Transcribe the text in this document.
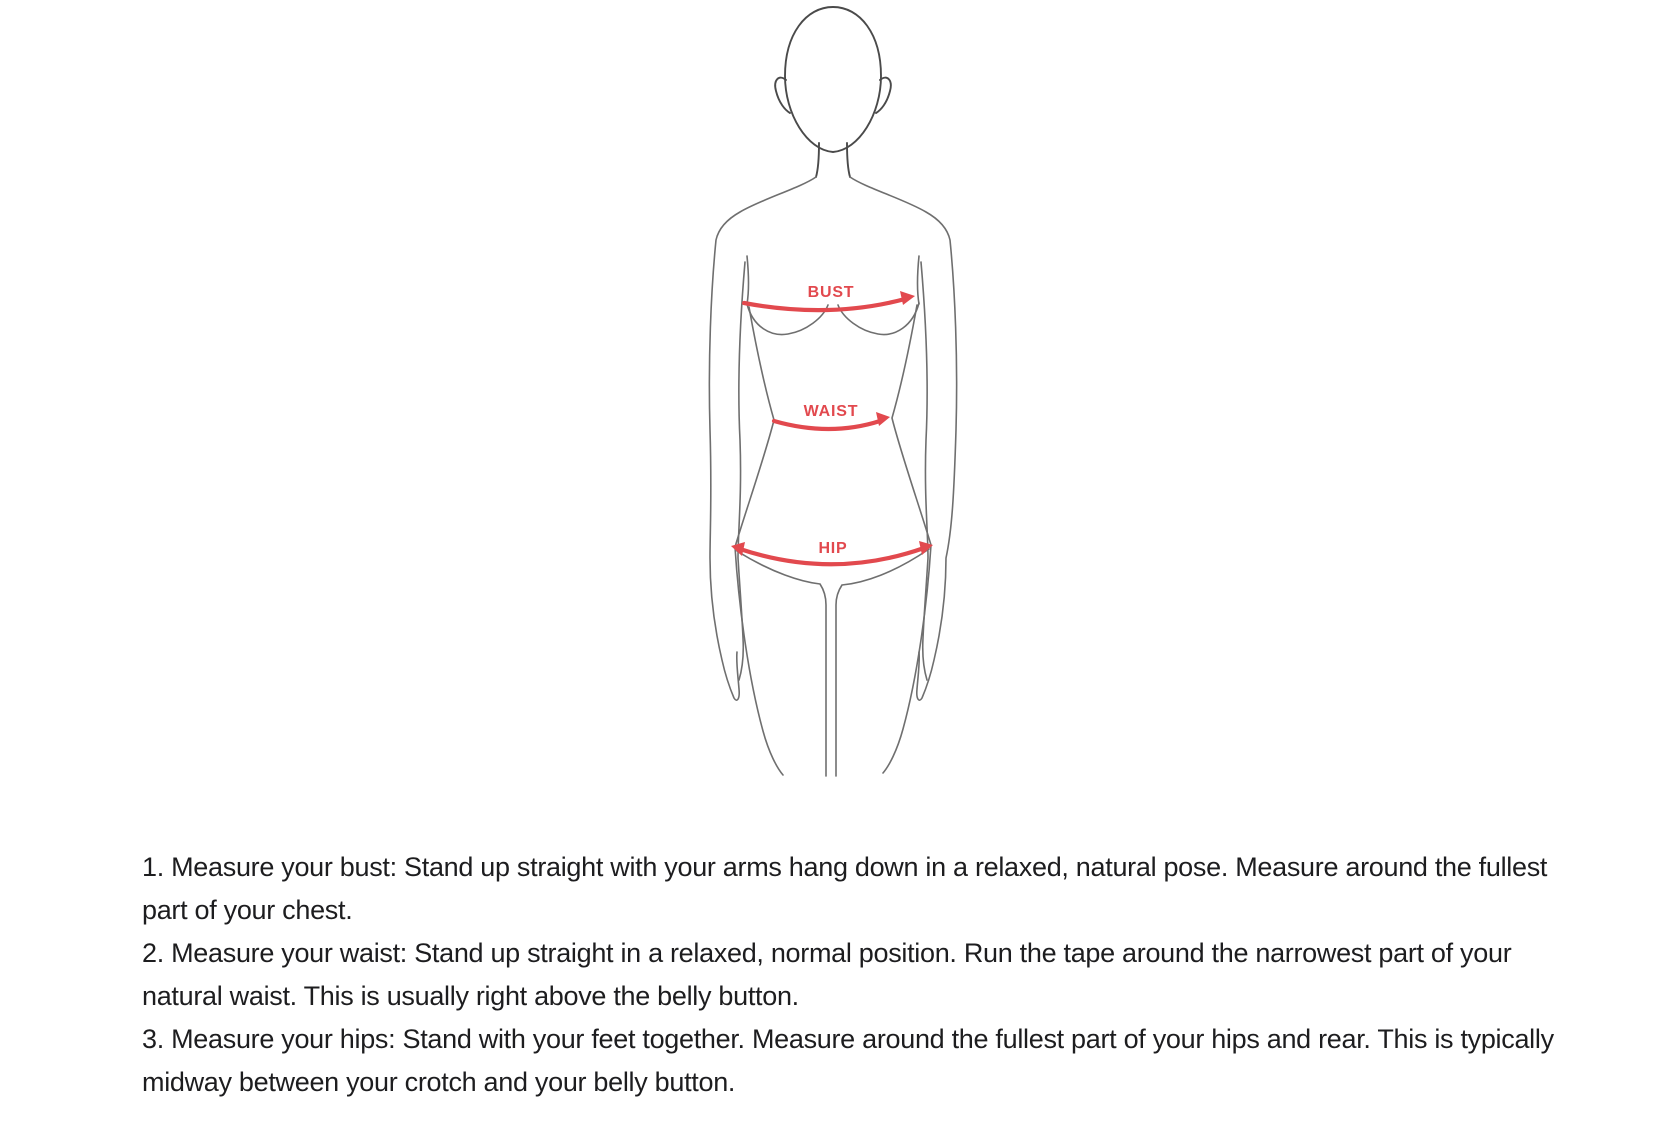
BUST
WAIST
HIP
1. Measure your bust: Stand up straight with your arms hang down in a relaxed, natural pose. Measure around the fullest
part of your chest.
2. Measure your waist: Stand up straight in a relaxed, normal position. Run the tape around the narrowest part of your
natural waist. This is usually right above the belly button.
3. Measure your hips: Stand with your feet together. Measure around the fullest part of your hips and rear. This is typically
midway between your crotch and your belly button.
